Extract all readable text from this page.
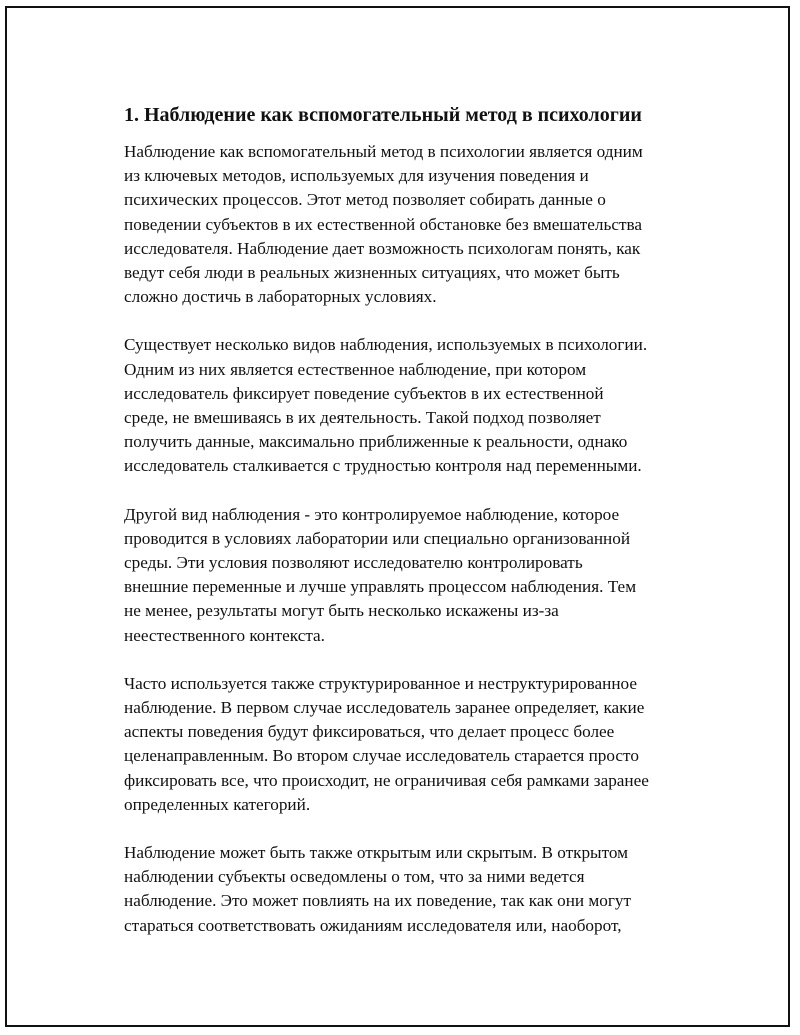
1. Наблюдение как вспомогательный метод в психологии

Наблюдение как вспомогательный метод в психологии является одним
из ключевых методов, используемых для изучения поведения и
психических процессов. Этот метод позволяет собирать данные о
поведении субъектов в их естественной обстановке без вмешательства
исследователя. Наблюдение дает возможность психологам понять, как
ведут себя люди в реальных жизненных ситуациях, что может быть
сложно достичь в лабораторных условиях.

Существует несколько видов наблюдения, используемых в психологии.
Одним из них является естественное наблюдение, при котором
исследователь фиксирует поведение субъектов в их естественной
среде, не вмешиваясь в их деятельность. Такой подход позволяет
получить данные, максимально приближенные к реальности, однако
исследователь сталкивается с трудностью контроля над переменными.

Другой вид наблюдения - это контролируемое наблюдение, которое
проводится в условиях лаборатории или специально организованной
среды. Эти условия позволяют исследователю контролировать
внешние переменные и лучше управлять процессом наблюдения. Тем
не менее, результаты могут быть несколько искажены из-за
неестественного контекста.

Часто используется также структурированное и неструктурированное
наблюдение. В первом случае исследователь заранее определяет, какие
аспекты поведения будут фиксироваться, что делает процесс более
целенаправленным. Во втором случае исследователь старается просто
фиксировать все, что происходит, не ограничивая себя рамками заранее
определенных категорий.

Наблюдение может быть также открытым или скрытым. В открытом
наблюдении субъекты осведомлены о том, что за ними ведется
наблюдение. Это может повлиять на их поведение, так как они могут
стараться соответствовать ожиданиям исследователя или, наоборот,
